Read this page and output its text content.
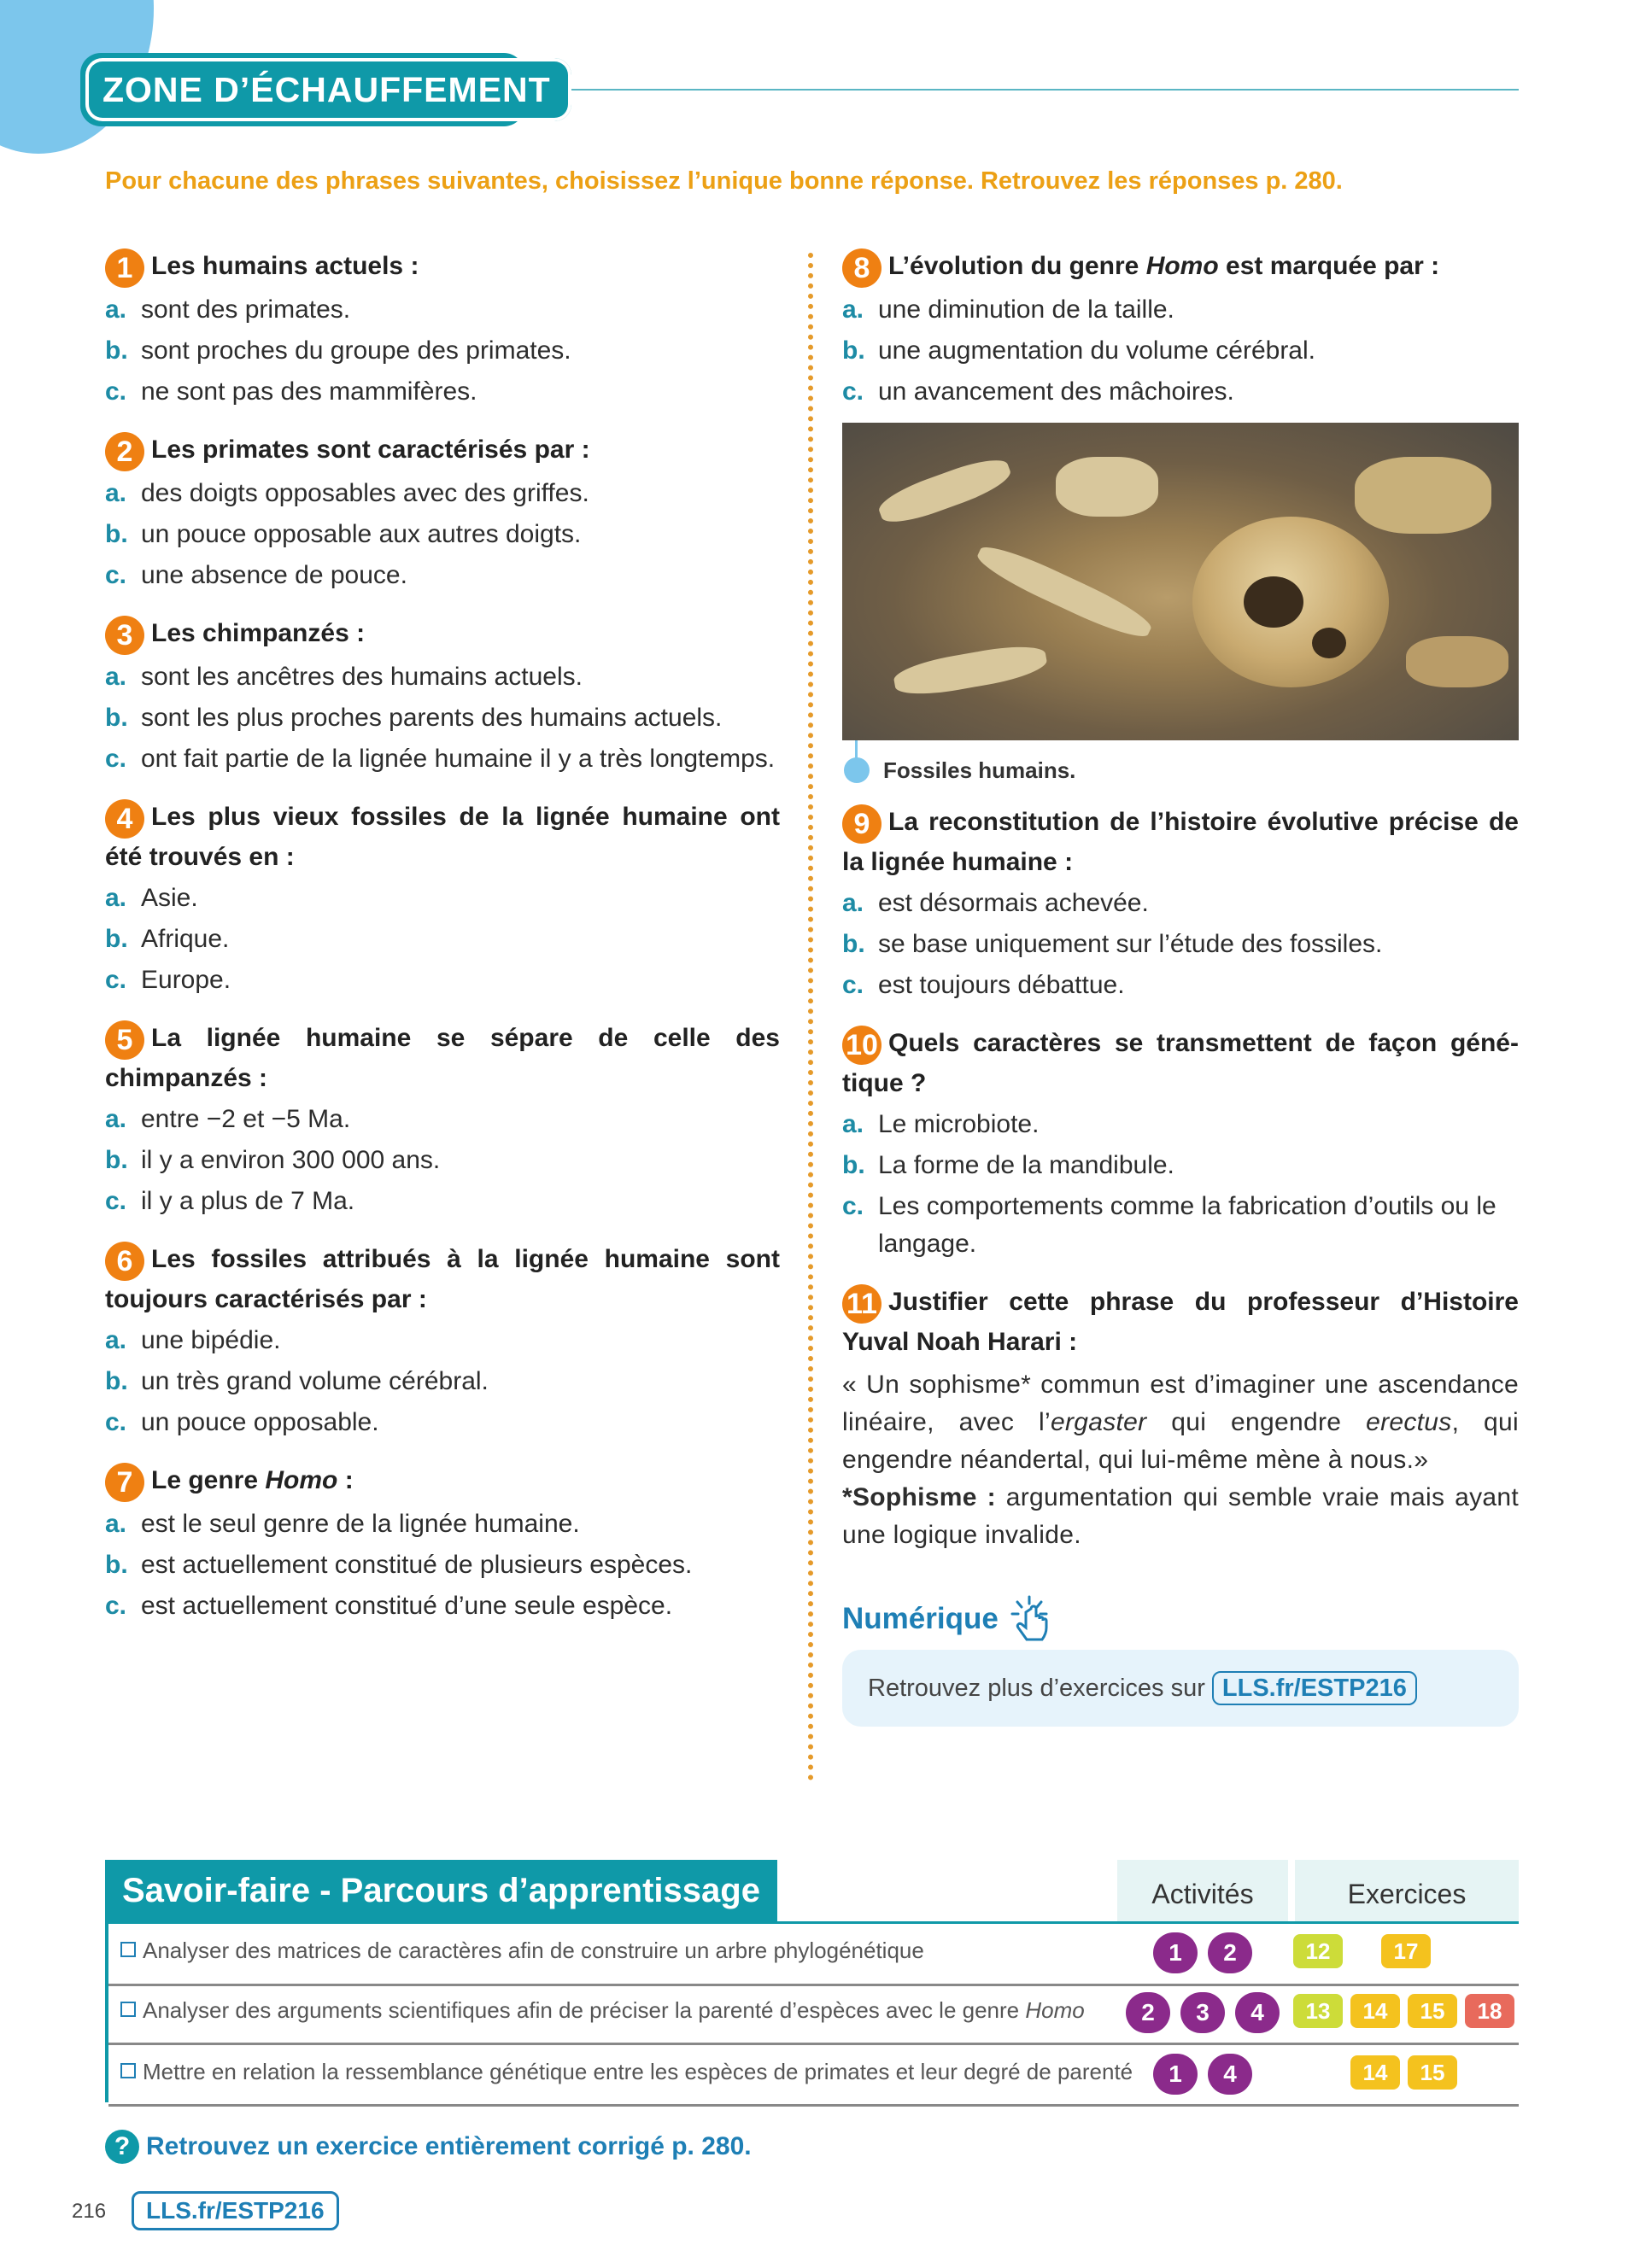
ZONE D’ÉCHAUFFEMENT
Pour chacune des phrases suivantes, choisissez l’unique bonne réponse. Retrouvez les réponses p. 280.
1 Les humains actuels :
a. sont des primates.
b. sont proches du groupe des primates.
c. ne sont pas des mammifères.
2 Les primates sont caractérisés par :
a. des doigts opposables avec des griffes.
b. un pouce opposable aux autres doigts.
c. une absence de pouce.
3 Les chimpanzés :
a. sont les ancêtres des humains actuels.
b. sont les plus proches parents des humains actuels.
c. ont fait partie de la lignée humaine il y a très longtemps.
4 Les plus vieux fossiles de la lignée humaine ont été trouvés en :
a. Asie.
b. Afrique.
c. Europe.
5 La lignée humaine se sépare de celle des chimpanzés :
a. entre −2 et −5 Ma.
b. il y a environ 300 000 ans.
c. il y a plus de 7 Ma.
6 Les fossiles attribués à la lignée humaine sont toujours caractérisés par :
a. une bipédie.
b. un très grand volume cérébral.
c. un pouce opposable.
7 Le genre Homo :
a. est le seul genre de la lignée humaine.
b. est actuellement constitué de plusieurs espèces.
c. est actuellement constitué d’une seule espèce.
8 L’évolution du genre Homo est marquée par :
a. une diminution de la taille.
b. une augmentation du volume cérébral.
c. un avancement des mâchoires.
Fossiles humains.
9 La reconstitution de l’histoire évolutive précise de la lignée humaine :
a. est désormais achevée.
b. se base uniquement sur l’étude des fossiles.
c. est toujours débattue.
10 Quels caractères se transmettent de façon génétique ?
a. Le microbiote.
b. La forme de la mandibule.
c. Les comportements comme la fabrication d’outils ou le langage.
11 Justifier cette phrase du professeur d’Histoire Yuval Noah Harari :
« Un sophisme* commun est d’imaginer une ascendance linéaire, avec l’ergaster qui engendre erectus, qui engendre néandertal, qui lui-même mène à nous.»
*Sophisme : argumentation qui semble vraie mais ayant une logique invalide.
Numérique
Retrouvez plus d’exercices sur LLS.fr/ESTP216
Savoir-faire - Parcours d’apprentissage	Activités	Exercices
Analyser des matrices de caractères afin de construire un arbre phylogénétique	1	2	12	17
Analyser des arguments scientifiques afin de préciser la parenté d’espèces avec le genre Homo	2	3	4	13	14	15	18
Mettre en relation la ressemblance génétique entre les espèces de primates et leur degré de parenté	1	4	14	15
? Retrouvez un exercice entièrement corrigé p. 280.
216	LLS.fr/ESTP216
